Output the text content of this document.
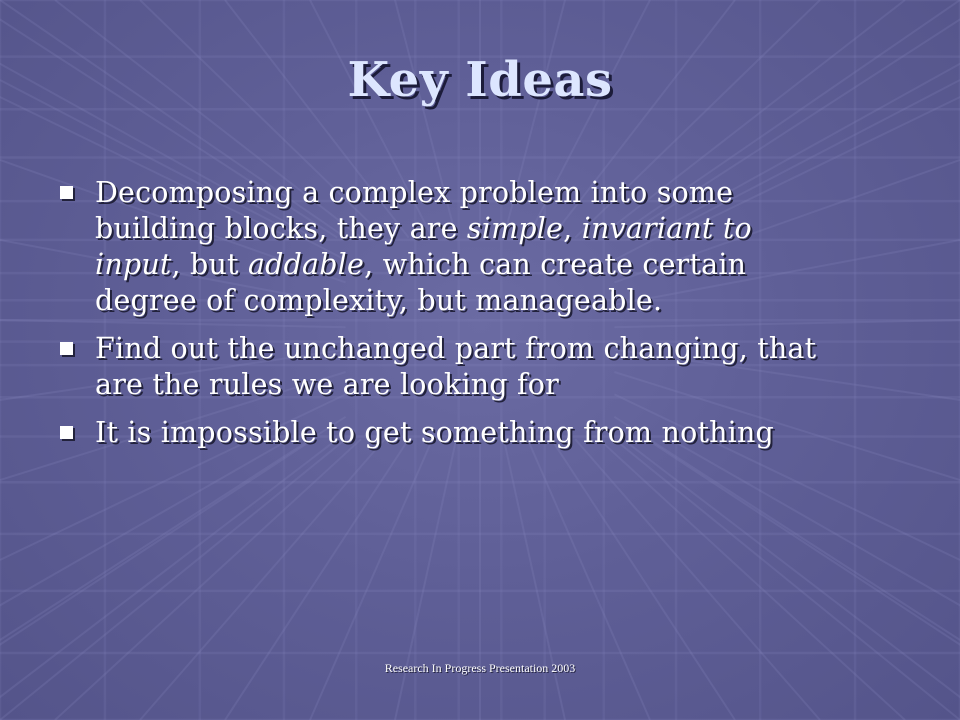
Key Ideas
Decomposing a complex problem into some building blocks, they are simple, invariant to input, but addable, which can create certain degree of complexity, but manageable.
Find out the unchanged part from changing, that are the rules we are looking for
It is impossible to get something from nothing
Research In Progress Presentation 2003
